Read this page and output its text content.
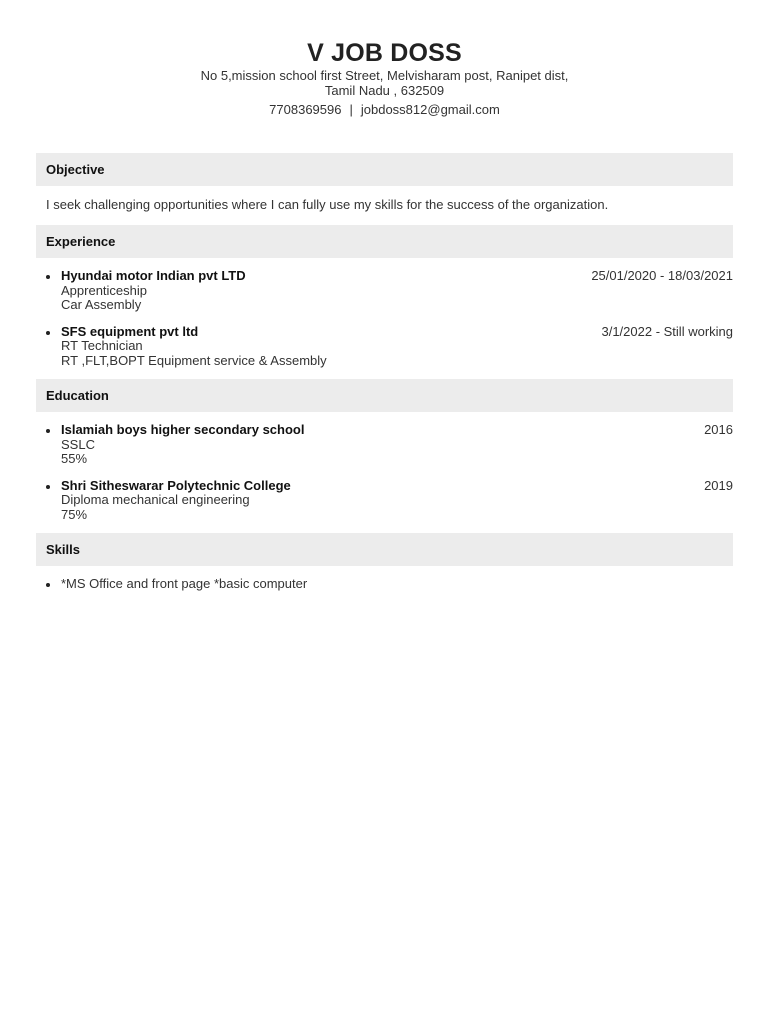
V JOB DOSS
No 5,mission school first Street, Melvisharam post, Ranipet dist,
Tamil Nadu , 632509
7708369596 | jobdoss812@gmail.com
Objective
I seek challenging opportunities where I can fully use my skills for the success of the organization.
Experience
Hyundai motor Indian pvt LTD
Apprenticeship
Car Assembly
25/01/2020 - 18/03/2021
SFS equipment pvt ltd
RT Technician
RT ,FLT,BOPT Equipment service & Assembly
3/1/2022 - Still working
Education
Islamiah boys higher secondary school
SSLC
55%
2016
Shri Sitheswarar Polytechnic College
Diploma mechanical engineering
75%
2019
Skills
*MS Office and front page *basic computer
